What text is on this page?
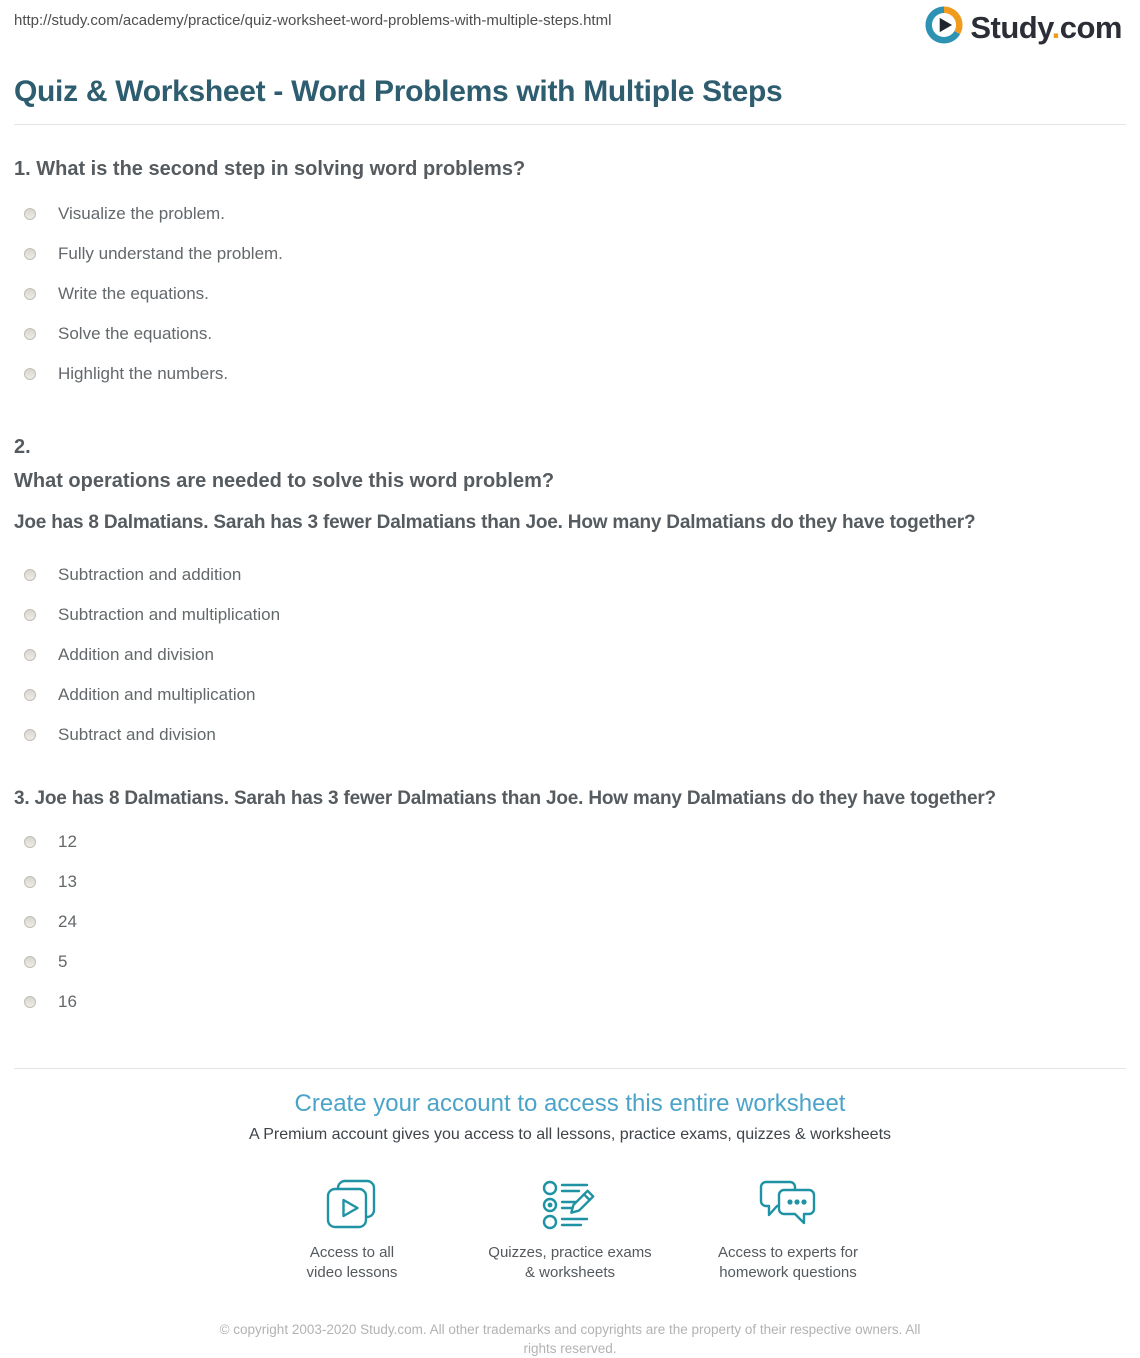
http://study.com/academy/practice/quiz-worksheet-word-problems-with-multiple-steps.html	Study.com
Quiz & Worksheet - Word Problems with Multiple Steps
1. What is the second step in solving word problems?
Visualize the problem.
Fully understand the problem.
Write the equations.
Solve the equations.
Highlight the numbers.
2.
What operations are needed to solve this word problem?
Joe has 8 Dalmatians. Sarah has 3 fewer Dalmatians than Joe. How many Dalmatians do they have together?
Subtraction and addition
Subtraction and multiplication
Addition and division
Addition and multiplication
Subtract and division
3. Joe has 8 Dalmatians. Sarah has 3 fewer Dalmatians than Joe. How many Dalmatians do they have together?
12
13
24
5
16
Create your account to access this entire worksheet

A Premium account gives you access to all lessons, practice exams, quizzes & worksheets

Access to all
video lessons
Quizzes, practice exams
& worksheets
Access to experts for
homework questions

© copyright 2003-2020 Study.com. All other trademarks and copyrights are the property of their respective owners. All rights reserved.
